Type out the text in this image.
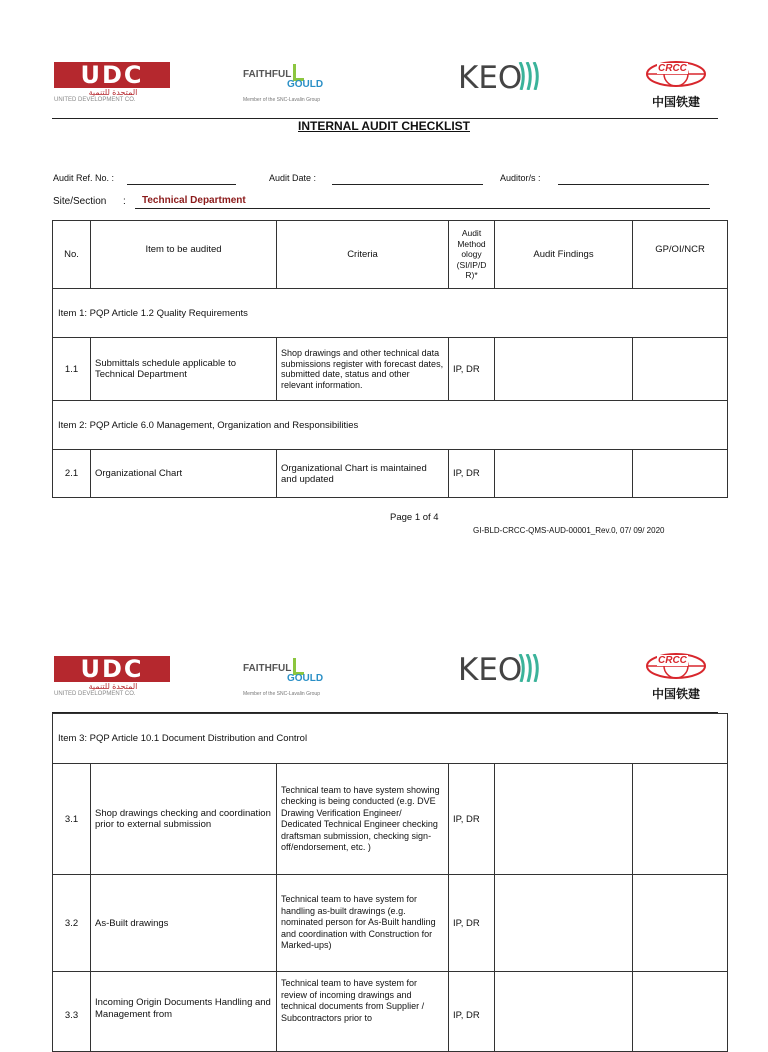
UDC
المتحدة للتنمية
UNITED DEVELOPMENT CO.
FAITHFUL
GOULD
Member of the SNC-Lavalin Group
KEO	CRCC
中国铁建
INTERNAL AUDIT CHECKLIST
Audit Ref. No. :	Audit Date :	Auditor/s :
Site/Section : Technical Department
No.	Item to be audited	Criteria	Audit Method ology (SI/IP/D R)*	Audit Findings	GP/OI/NCR
Item 1: PQP Article 1.2 Quality Requirements					
1.1	Submittals schedule applicable to Technical Department	Shop drawings and other technical data submissions register with forecast dates, submitted date, status and other relevant information.	IP, DR		
Item 2: PQP Article 6.0 Management, Organization and Responsibilities					
2.1	Organizational Chart	Organizational Chart is maintained and updated	IP, DR		
Page 1 of 4
GI-BLD-CRCC-QMS-AUD-00001_Rev.0, 07/ 09/ 2020
UDC
المتحدة للتنمية
UNITED DEVELOPMENT CO.
FAITHFUL
GOULD
Member of the SNC-Lavalin Group
KEO	CRCC
中国铁建
Item 3: PQP Article 10.1 Document Distribution and Control					
3.1	Shop drawings checking and coordination prior to external submission	Technical team to have system showing checking is being conducted (e.g. DVE Drawing Verification Engineer/ Dedicated Technical Engineer checking draftsman submission, checking sign-off/endorsement, etc. )	IP, DR		
3.2	As-Built drawings	Technical team to have system for handling as-built drawings (e.g. nominated person for As-Built handling and coordination with Construction for Marked-ups)	IP, DR		
3.3	Incoming Origin Documents Handling and Management from	Technical team to have system for review of incoming drawings and technical documents from Supplier / Subcontractors prior to	IP, DR		
